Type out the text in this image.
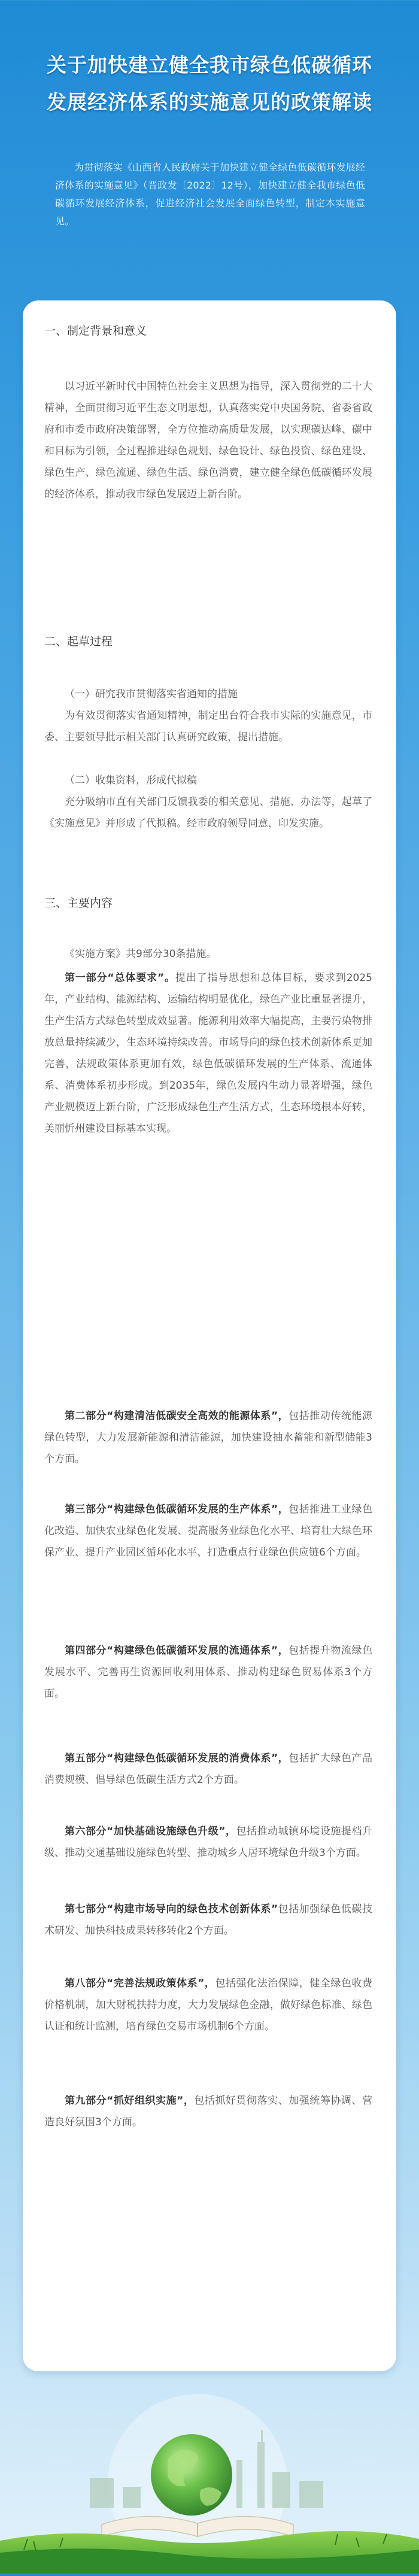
关于加快建立健全我市绿色低碳循环
发展经济体系的实施意见的政策解读

为贯彻落实《山西省人民政府关于加快建立健全绿色低碳循环发展经济体系的实施意见》（晋政发〔2022〕12号），加快建立健全我市绿色低碳循环发展经济体系，促进经济社会发展全面绿色转型，制定本实施意见。

一、制定背景和意义

以习近平新时代中国特色社会主义思想为指导，深入贯彻党的二十大精神，全面贯彻习近平生态文明思想，认真落实党中央国务院、省委省政府和市委市政府决策部署，全方位推动高质量发展，以实现碳达峰、碳中和目标为引领，全过程推进绿色规划、绿色设计、绿色投资、绿色建设、绿色生产、绿色流通、绿色生活、绿色消费，建立健全绿色低碳循环发展的经济体系，推动我市绿色发展迈上新台阶。

二、起草过程

（一）研究我市贯彻落实省通知的措施

为有效贯彻落实省通知精神，制定出台符合我市实际的实施意见，市委、主要领导批示相关部门认真研究政策，提出措施。

（二）收集资料，形成代拟稿

充分吸纳市直有关部门反馈我委的相关意见、措施、办法等，起草了《实施意见》并形成了代拟稿。经市政府领导同意，印发实施。

三、主要内容

《实施方案》共9部分30条措施。

第一部分“总体要求”。提出了指导思想和总体目标，要求到2025年，产业结构、能源结构、运输结构明显优化，绿色产业比重显著提升，生产生活方式绿色转型成效显著。能源利用效率大幅提高，主要污染物排放总量持续减少，生态环境持续改善。市场导向的绿色技术创新体系更加完善，法规政策体系更加有效，绿色低碳循环发展的生产体系、流通体系、消费体系初步形成。到2035年，绿色发展内生动力显著增强，绿色产业规模迈上新台阶，广泛形成绿色生产生活方式，生态环境根本好转，美丽忻州建设目标基本实现。

第二部分“构建清洁低碳安全高效的能源体系”，包括推动传统能源绿色转型，大力发展新能源和清洁能源，加快建设抽水蓄能和新型储能3个方面。

第三部分“构建绿色低碳循环发展的生产体系”，包括推进工业绿色化改造、加快农业绿色化发展、提高服务业绿色化水平、培育壮大绿色环保产业、提升产业园区循环化水平、打造重点行业绿色供应链6个方面。

第四部分“构建绿色低碳循环发展的流通体系”，包括提升物流绿色发展水平、完善再生资源回收利用体系、推动构建绿色贸易体系3个方面。

第五部分“构建绿色低碳循环发展的消费体系”，包括扩大绿色产品消费规模、倡导绿色低碳生活方式2个方面。

第六部分“加快基础设施绿色升级”，包括推动城镇环境设施提档升级、推动交通基础设施绿色转型、推动城乡人居环境绿色升级3个方面。

第七部分“构建市场导向的绿色技术创新体系”包括加强绿色低碳技术研发、加快科技成果转移转化2个方面。

第八部分“完善法规政策体系”，包括强化法治保障，健全绿色收费价格机制，加大财税扶持力度，大力发展绿色金融，做好绿色标准、绿色认证和统计监测，培育绿色交易市场机制6个方面。

第九部分“抓好组织实施”，包括抓好贯彻落实、加强统筹协调、营造良好氛围3个方面。
